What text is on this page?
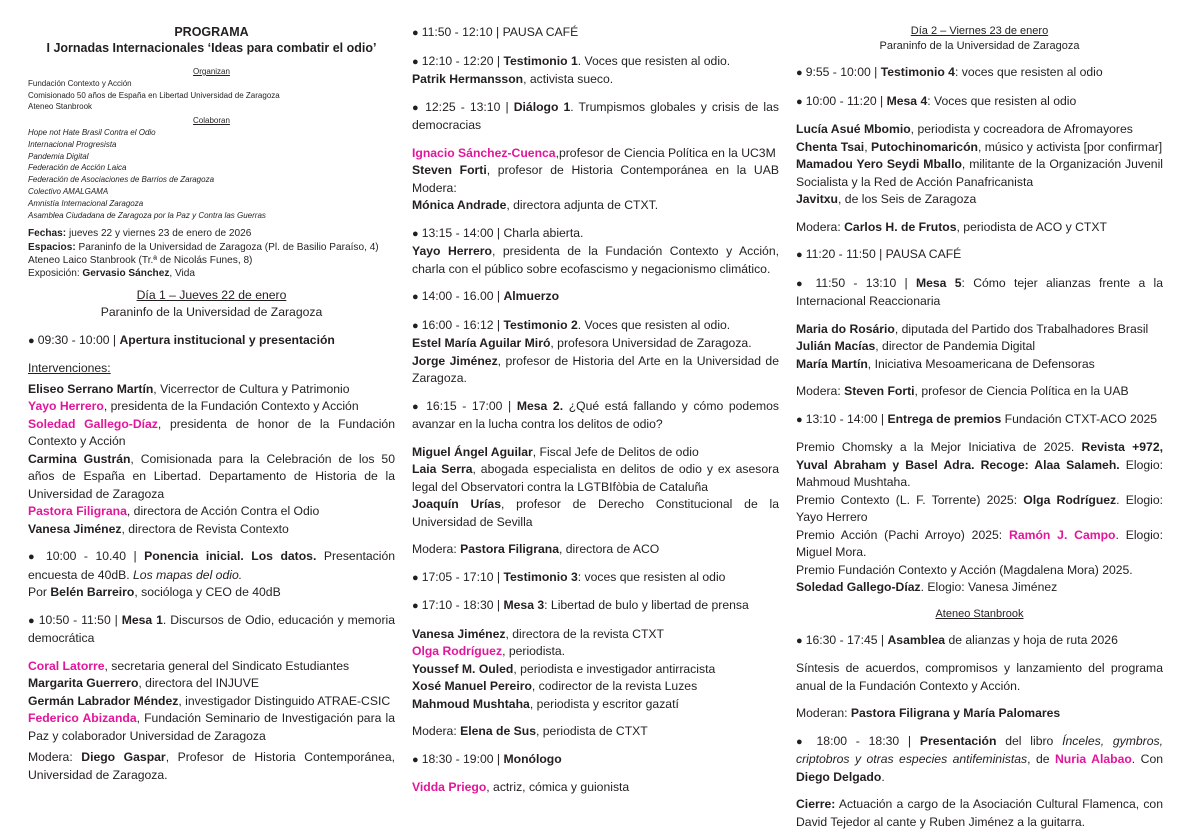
PROGRAMA
I Jornadas Internacionales ‘Ideas para combatir el odio’
Organizan
Fundación Contexto y Acción
Comisionado 50 años de España en Libertad Universidad de Zaragoza
Ateneo Stanbrook
Colaboran
Hope not Hate Brasil Contra el Odio
Internacional Progresista
Pandemia Digital
Federación de Acción Laica
Federación de Asociaciones de Barrios de Zaragoza
Colectivo AMALGAMA
Amnistía Internacional Zaragoza
Asamblea Ciudadana de Zaragoza por la Paz y Contra las Guerras
Fechas: jueves 22 y viernes 23 de enero de 2026
Espacios: Paraninfo de la Universidad de Zaragoza (Pl. de Basilio Paraíso, 4)
Ateneo Laico Stanbrook (Tr.ª de Nicolás Funes, 8)
Exposición: Gervasio Sánchez, Vida
Día 1 – Jueves 22 de enero
Paraninfo de la Universidad de Zaragoza

● 09:30 - 10:00 | Apertura institucional y presentación

Intervenciones:

Eliseo Serrano Martín, Vicerrector de Cultura y Patrimonio
Yayo Herrero, presidenta de la Fundación Contexto y Acción
Soledad Gallego-Díaz, presidenta de honor de la Fundación Contexto y Acción
Carmina Gustrán, Comisionada para la Celebración de los 50 años de España en Libertad. Departamento de Historia de la Universidad de Zaragoza
Pastora Filigrana, directora de Acción Contra el Odio
Vanesa Jiménez, directora de Revista Contexto

● 10:00 - 10.40 | Ponencia inicial. Los datos. Presentación encuesta de 40dB. Los mapas del odio.

Por Belén Barreiro, socióloga y CEO de 40dB

● 10:50 - 11:50 | Mesa 1. Discursos de Odio, educación y memoria democrática

Coral Latorre, secretaria general del Sindicato Estudiantes
Margarita Guerrero, directora del INJUVE
Germán Labrador Méndez, investigador Distinguido ATRAE-CSIC
Federico Abizanda, Fundación Seminario de Investigación para la Paz y colaborador Universidad de Zaragoza

Modera: Diego Gaspar, Profesor de Historia Contemporánea, Universidad de Zaragoza.

● 11:50 - 12:10 | PAUSA CAFÉ

● 12:10 - 12:20 | Testimonio 1. Voces que resisten al odio.

Patrik Hermansson, activista sueco.

● 12:25 - 13:10 | Diálogo 1. Trumpismos globales y crisis de las democracias

Ignacio Sánchez-Cuenca,profesor de Ciencia Política en la UC3M
Steven Forti, profesor de Historia Contemporánea en la UAB Modera:
Mónica Andrade, directora adjunta de CTXT.

● 13:15 - 14:00 | Charla abierta.

Yayo Herrero, presidenta de la Fundación Contexto y Acción, charla con el público sobre ecofascismo y negacionismo climático.

● 14:00 - 16.00 | Almuerzo

● 16:00 - 16:12 | Testimonio 2. Voces que resisten al odio.

Estel María Aguilar Miró, profesora Universidad de Zaragoza.
Jorge Jiménez, profesor de Historia del Arte en la Universidad de Zaragoza.

● 16:15 - 17:00 | Mesa 2. ¿Qué está fallando y cómo podemos avanzar en la lucha contra los delitos de odio?

Miguel Ángel Aguilar, Fiscal Jefe de Delitos de odio
Laia Serra, abogada especialista en delitos de odio y ex asesora legal del Observatori contra la LGTBIfòbia de Cataluña
Joaquín Urías, profesor de Derecho Constitucional de la Universidad de Sevilla

Modera: Pastora Filigrana, directora de ACO

● 17:05 - 17:10 | Testimonio 3: voces que resisten al odio

● 17:10 - 18:30 | Mesa 3: Libertad de bulo y libertad de prensa

Vanesa Jiménez, directora de la revista CTXT
Olga Rodríguez, periodista.
Youssef M. Ouled, periodista e investigador antirracista
Xosé Manuel Pereiro, codirector de la revista Luzes
Mahmoud Mushtaha, periodista y escritor gazatí

Modera: Elena de Sus, periodista de CTXT

● 18:30 - 19:00 | Monólogo

Vidda Priego, actriz, cómica y guionista

Día 2 – Viernes 23 de enero
Paraninfo de la Universidad de Zaragoza

● 9:55 - 10:00 | Testimonio 4: voces que resisten al odio

● 10:00 - 11:20 | Mesa 4: Voces que resisten al odio

Lucía Asué Mbomio, periodista y cocreadora de Afromayores
Chenta Tsai, Putochinomaricón, músico y activista [por confirmar]
Mamadou Yero Seydi Mballo, militante de la Organización Juvenil Socialista y la Red de Acción Panafricanista
Javitxu, de los Seis de Zaragoza

Modera: Carlos H. de Frutos, periodista de ACO y CTXT

● 11:20 - 11:50 | PAUSA CAFÉ

● 11:50 - 13:10 | Mesa 5: Cómo tejer alianzas frente a la Internacional Reaccionaria

Maria do Rosário, diputada del Partido dos Trabalhadores Brasil
Julián Macías, director de Pandemia Digital
María Martín, Iniciativa Mesoamericana de Defensoras

Modera: Steven Forti, profesor de Ciencia Política en la UAB

● 13:10 - 14:00 | Entrega de premios Fundación CTXT-ACO 2025

Premio Chomsky a la Mejor Iniciativa de 2025. Revista +972, Yuval Abraham y Basel Adra. Recoge: Alaa Salameh. Elogio: Mahmoud Mushtaha.
Premio Contexto (L. F. Torrente) 2025: Olga Rodríguez. Elogio: Yayo Herrero
Premio Acción (Pachi Arroyo) 2025: Ramón J. Campo. Elogio: Miguel Mora.
Premio Fundación Contexto y Acción (Magdalena Mora) 2025.
Soledad Gallego-Díaz. Elogio: Vanesa Jiménez
Ateneo Stanbrook

● 16:30 - 17:45 | Asamblea de alianzas y hoja de ruta 2026

Síntesis de acuerdos, compromisos y lanzamiento del programa anual de la Fundación Contexto y Acción.

Moderan: Pastora Filigrana y María Palomares

● 18:00 - 18:30 | Presentación del libro Ínceles, gymbros, criptobros y otras especies antifeministas, de Nuria Alabao. Con Diego Delgado.

Cierre: Actuación a cargo de la Asociación Cultural Flamenca, con David Tejedor al cante y Ruben Jiménez a la guitarra.
